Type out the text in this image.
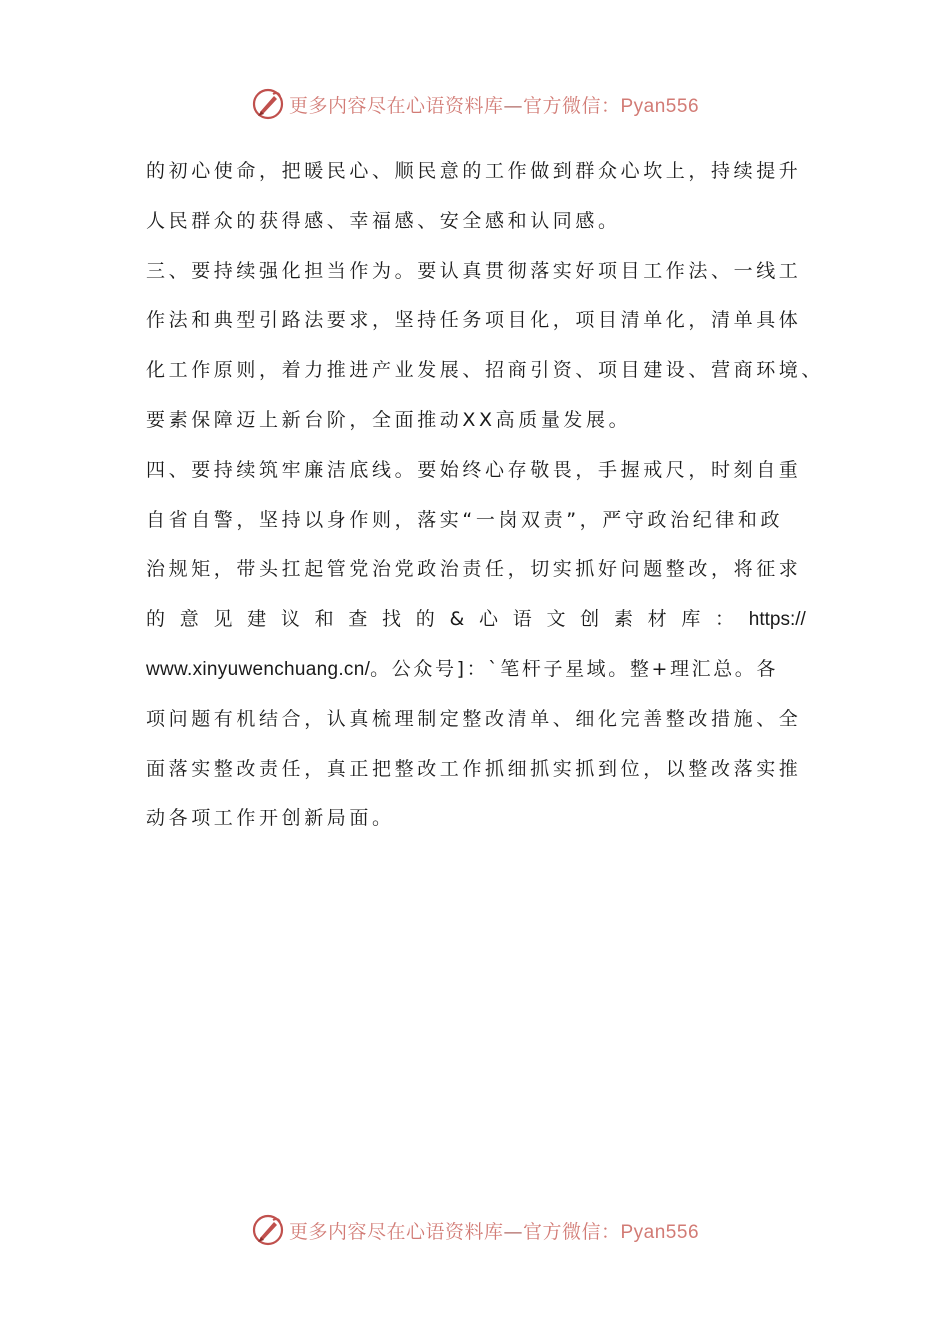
更多内容尽在心语资料库—官方微信：Pyan556
的初心使命，把暖民心、顺民意的工作做到群众心坎上，持续提升
人民群众的获得感、幸福感、安全感和认同感。
三、要持续强化担当作为。要认真贯彻落实好项目工作法、一线工
作法和典型引路法要求，坚持任务项目化，项目清单化，清单具体
化工作原则，着力推进产业发展、招商引资、项目建设、营商环境、
要素保障迈上新台阶，全面推动XX高质量发展。
四、要持续筑牢廉洁底线。要始终心存敬畏，手握戒尺，时刻自重
自省自警，坚持以身作则，落实“一岗双责”，严守政治纪律和政
治规矩，带头扛起管党治党政治责任，切实抓好问题整改，将征求
的 意 见 建 议 和 查 找 的 & 心 语 文 创 素 材 库 ： https://
www.xinyuwenchuang.cn/。公众号]：`笔杆子星域。整+理汇总。各
项问题有机结合，认真梳理制定整改清单、细化完善整改措施、全
面落实整改责任，真正把整改工作抓细抓实抓到位，以整改落实推
动各项工作开创新局面。
更多内容尽在心语资料库—官方微信：Pyan556
